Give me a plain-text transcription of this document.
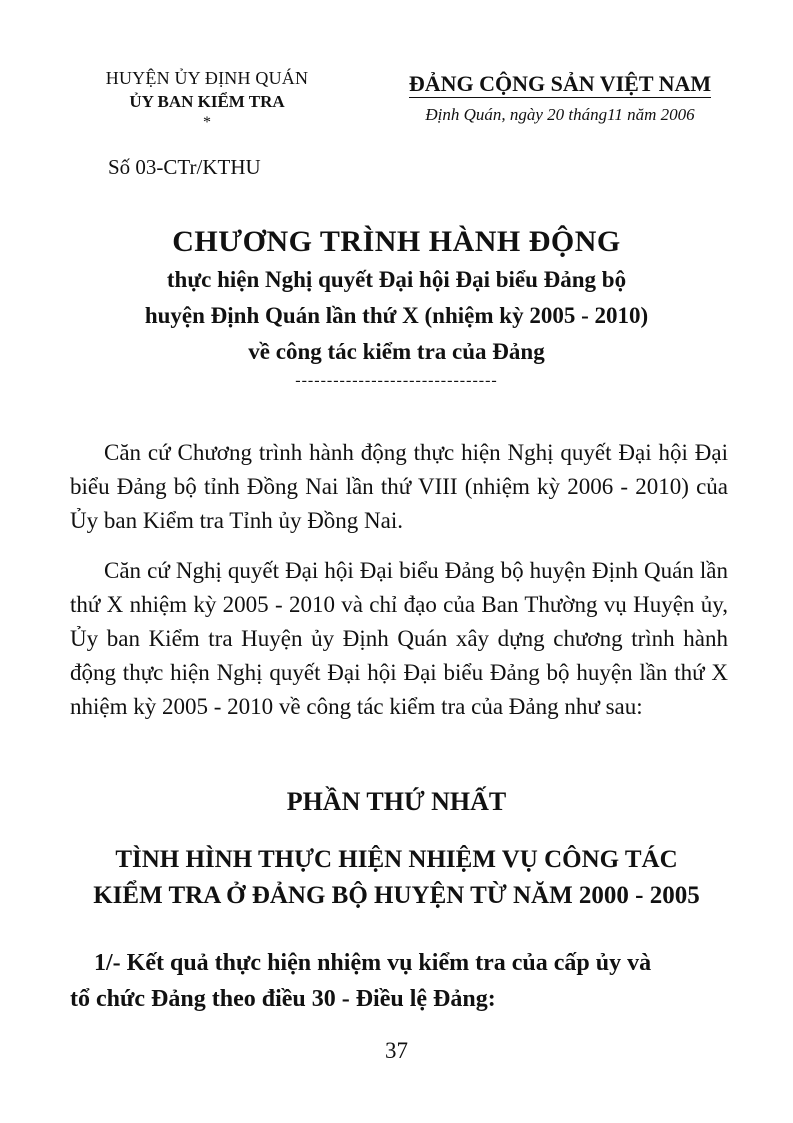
HUYỆN ỦY ĐỊNH QUÁN
ỦY BAN KIỂM TRA
*
ĐẢNG CỘNG SẢN VIỆT NAM
Định Quán, ngày 20 tháng11 năm 2006
Số 03-CTr/KTHU
CHƯƠNG TRÌNH HÀNH ĐỘNG
thực hiện Nghị quyết Đại hội Đại biểu Đảng bộ
huyện Định Quán lần thứ X (nhiệm kỳ 2005 - 2010)
về công tác kiểm tra của Đảng
--------------------------------

Căn cứ Chương trình hành động thực hiện Nghị quyết Đại hội Đại biểu Đảng bộ tỉnh Đồng Nai lần thứ VIII (nhiệm kỳ 2006 - 2010) của Ủy ban Kiểm tra Tỉnh ủy Đồng Nai.

Căn cứ Nghị quyết Đại hội Đại biểu Đảng bộ huyện Định Quán lần thứ X nhiệm kỳ 2005 - 2010 và chỉ đạo của Ban Thường vụ Huyện ủy, Ủy ban Kiểm tra Huyện ủy Định Quán xây dựng chương trình hành động thực hiện Nghị quyết Đại hội Đại biểu Đảng bộ huyện lần thứ X nhiệm kỳ 2005 - 2010 về công tác kiểm tra của Đảng như sau:

PHẦN THỨ NHẤT
TÌNH HÌNH THỰC HIỆN NHIỆM VỤ CÔNG TÁC
KIỂM TRA Ở ĐẢNG BỘ HUYỆN TỪ NĂM 2000 - 2005
1/- Kết quả thực hiện nhiệm vụ kiểm tra của cấp ủy và
tổ chức Đảng theo điều 30 - Điều lệ Đảng:
37
